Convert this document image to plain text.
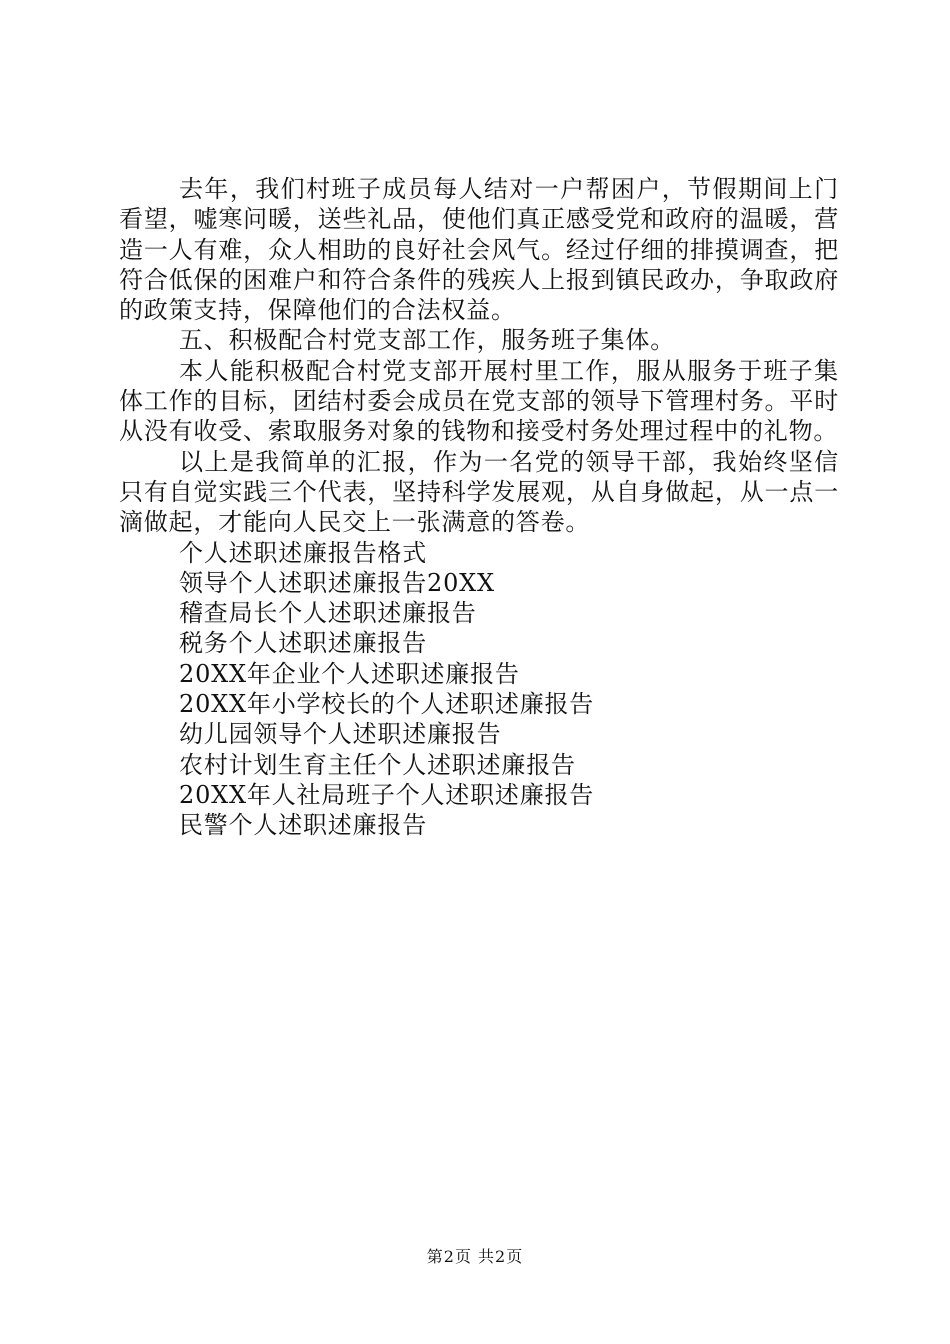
去年，我们村班子成员每人结对一户帮困户，节假期间上门看望，嘘寒问暖，送些礼品，使他们真正感受党和政府的温暖，营造一人有难，众人相助的良好社会风气。经过仔细的排摸调查，把符合低保的困难户和符合条件的残疾人上报到镇民政办，争取政府的政策支持，保障他们的合法权益。

五、积极配合村党支部工作，服务班子集体。

本人能积极配合村党支部开展村里工作，服从服务于班子集体工作的目标，团结村委会成员在党支部的领导下管理村务。平时从没有收受、索取服务对象的钱物和接受村务处理过程中的礼物。

以上是我简单的汇报，作为一名党的领导干部，我始终坚信只有自觉实践三个代表，坚持科学发展观，从自身做起，从一点一滴做起，才能向人民交上一张满意的答卷。

个人述职述廉报告格式

领导个人述职述廉报告20XX

稽查局长个人述职述廉报告

税务个人述职述廉报告

20XX年企业个人述职述廉报告

20XX年小学校长的个人述职述廉报告

幼儿园领导个人述职述廉报告

农村计划生育主任个人述职述廉报告

20XX年人社局班子个人述职述廉报告

民警个人述职述廉报告

第2页 共2页
